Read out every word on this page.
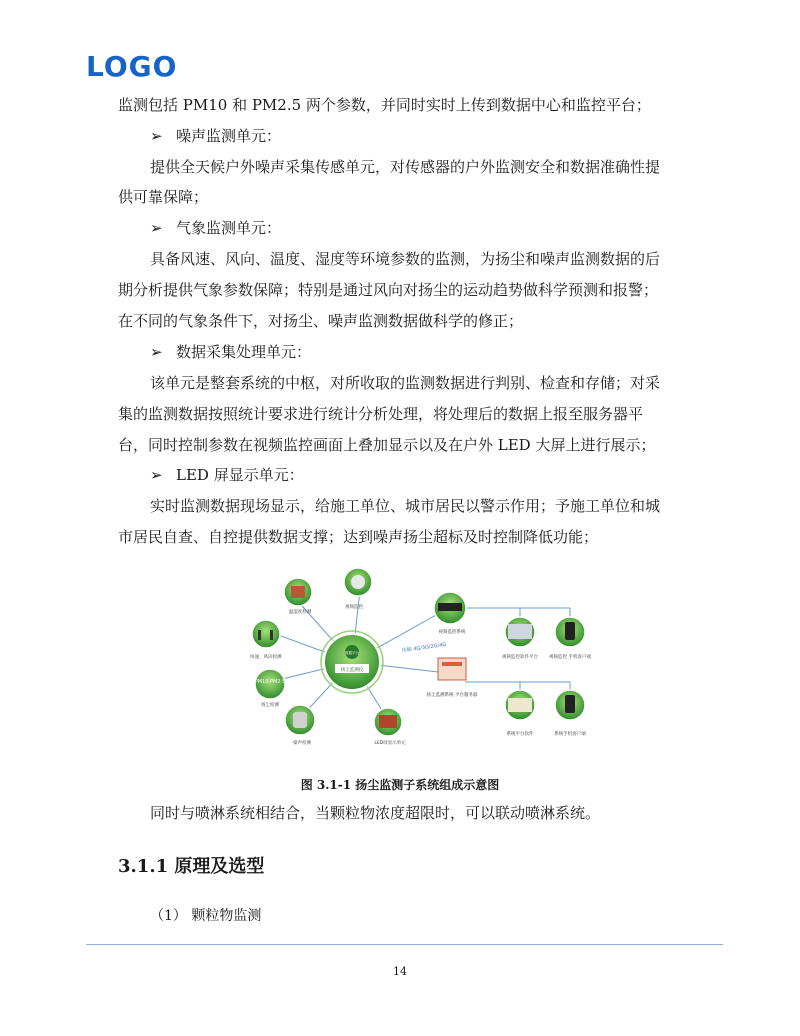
LOGO
监测包括 PM10 和 PM2.5 两个参数，并同时实时上传到数据中心和监控平台；
➢ 噪声监测单元：
提供全天候户外噪声采集传感单元，对传感器的户外监测安全和数据准确性提
供可靠保障；
➢ 气象监测单元：
具备风速、风向、温度、湿度等环境参数的监测，为扬尘和噪声监测数据的后
期分析提供气象参数保障；特别是通过风向对扬尘的运动趋势做科学预测和报警；
在不同的气象条件下，对扬尘、噪声监测数据做科学的修正；
➢ 数据采集处理单元：
该单元是整套系统的中枢，对所收取的监测数据进行判别、检查和存储；对采
集的监测数据按照统计要求进行统计分析处理，将处理后的数据上报至服务器平
台，同时控制参数在视频监控画面上叠加显示以及在户外 LED 大屏上进行展示；
➢ LED 屏显示单元：
实时监测数据现场显示，给施工单位、城市居民以警示作用；予施工单位和城
市居民自查、自控提供数据支撑；达到噪声扬尘超标及时控制降低功能；
数据平台
扬尘监测仪
传输 4G/3G/2G/4G
温湿度检测
视频监控
风速、风向检测
PM10 PM2.5
扬尘检测
噪声检测	LED屏显示单元
视频监控系统
扬尘监测系统 平台服务器
视频监控软件平台 视频监控 手机客户端
系统平台软件	系统手机客户端
图 3.1-1 扬尘监测子系统组成示意图
同时与喷淋系统相结合，当颗粒物浓度超限时，可以联动喷淋系统。
3.1.1 原理及选型
（1） 颗粒物监测
14
